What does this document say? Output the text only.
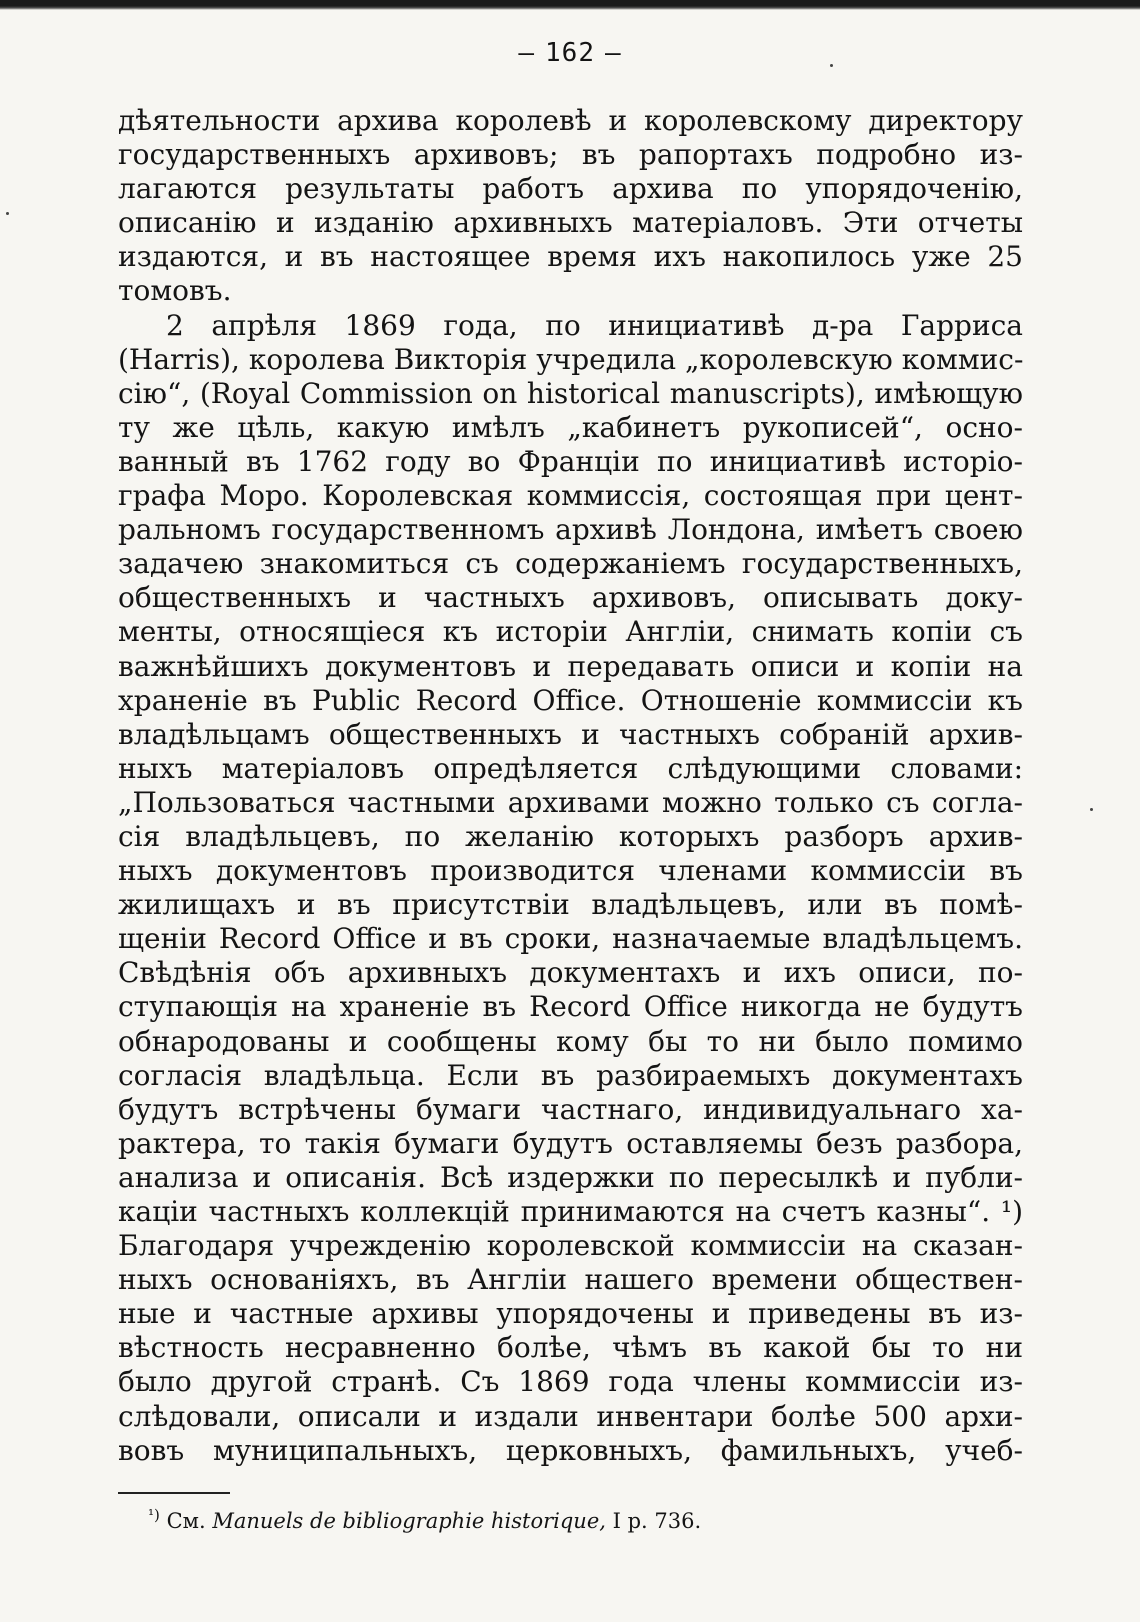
— 162 —
дѣятельности архива королевѣ и королевскому директору
государственныхъ архивовъ; въ рапортахъ подробно из-
лагаются результаты работъ архива по упорядоченію,
описанію и изданію архивныхъ матеріаловъ. Эти отчеты
издаются, и въ настоящее время ихъ накопилось уже 25
томовъ.
2 апрѣля 1869 года, по инициативѣ д-ра Гарриса
(Harris), королева Викторія учредила „королевскую коммис-
сію“, (Royal Commission on historical manuscripts), имѣющую
ту же цѣль, какую имѣлъ „кабинетъ рукописей“, осно-
ванный въ 1762 году во Франціи по инициативѣ исторіо-
графа Моро. Королевская коммиссія, состоящая при цент-
ральномъ государственномъ архивѣ Лондона, имѣетъ своею
задачею знакомиться съ содержаніемъ государственныхъ,
общественныхъ и частныхъ архивовъ, описывать доку-
менты, относящіеся къ исторіи Англіи, снимать копіи съ
важнѣйшихъ документовъ и передавать описи и копіи на
храненіе въ Public Record Office. Отношеніе коммиссіи къ
владѣльцамъ общественныхъ и частныхъ собраній архив-
ныхъ матеріаловъ опредѣляется слѣдующими словами:
„Пользоваться частными архивами можно только съ согла-
сія владѣльцевъ, по желанію которыхъ разборъ архив-
ныхъ документовъ производится членами коммиссіи въ
жилищахъ и въ присутствіи владѣльцевъ, или въ помѣ-
щеніи Record Office и въ сроки, назначаемые владѣльцемъ.
Свѣдѣнія объ архивныхъ документахъ и ихъ описи, по-
ступающія на храненіе въ Record Office никогда не будутъ
обнародованы и сообщены кому бы то ни было помимо
согласія владѣльца. Если въ разбираемыхъ документахъ
будутъ встрѣчены бумаги частнаго, индивидуальнаго ха-
рактера, то такія бумаги будутъ оставляемы безъ разбора,
анализа и описанія. Всѣ издержки по пересылкѣ и публи-
каціи частныхъ коллекцій принимаются на счетъ казны“. ¹)
Благодаря учрежденію королевской коммиссіи на сказан-
ныхъ основаніяхъ, въ Англіи нашего времени обществен-
ные и частные архивы упорядочены и приведены въ из-
вѣстность несравненно болѣе, чѣмъ въ какой бы то ни
было другой странѣ. Съ 1869 года члены коммиссіи из-
слѣдовали, описали и издали инвентари болѣе 500 архи-
вовъ муниципальныхъ, церковныхъ, фамильныхъ, учеб-
$^{^1)}$ См. Manuels de bibliographie historique, I p. 736.
